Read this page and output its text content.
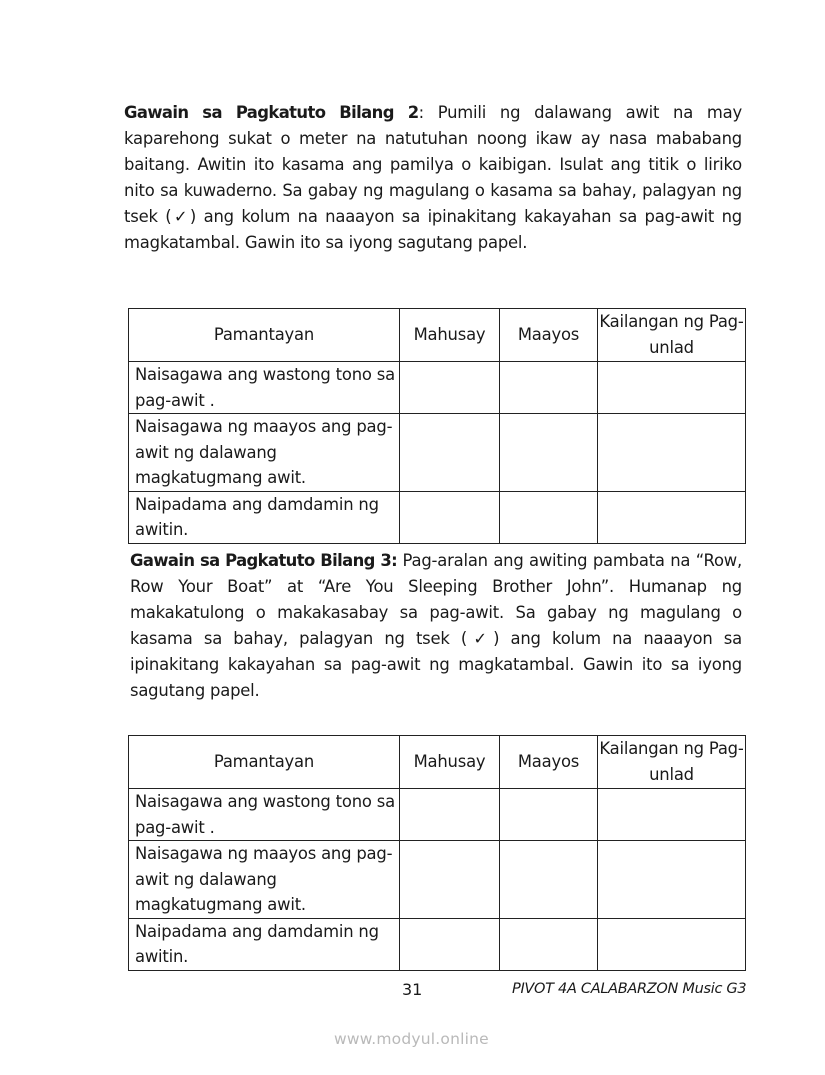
Gawain sa Pagkatuto Bilang 2: Pumili ng dalawang awit na may kaparehong sukat o meter na natutuhan noong ikaw ay nasa mababang baitang. Awitin ito kasama ang pamilya o kaibigan. Isulat ang titik o liriko nito sa kuwaderno. Sa gabay ng magulang o kasama sa bahay, palagyan ng tsek (✓) ang kolum na naaayon sa ipinakitang kakayahan sa pag-awit ng magkatambal. Gawin ito sa iyong sagutang papel.

Pamantayan	Mahusay	Maayos	Kailangan ng Pag-unlad
Naisagawa ang wastong tono sa pag-awit .			
Naisagawa ng maayos ang pag-awit ng dalawang magkatugmang awit.			
Naipadama ang damdamin ng awitin.			

Gawain sa Pagkatuto Bilang 3: Pag-aralan ang awiting pambata na “Row, Row Your Boat” at “Are You Sleeping Brother John”. Humanap ng makakatulong o makakasabay sa pag-awit. Sa gabay ng magulang o kasama sa bahay, palagyan ng tsek (✓) ang kolum na naaayon sa ipinakitang kakayahan sa pag-awit ng magkatambal. Gawin ito sa iyong sagutang papel.

Pamantayan	Mahusay	Maayos	Kailangan ng Pag-unlad
Naisagawa ang wastong tono sa pag-awit .			
Naisagawa ng maayos ang pag-awit ng dalawang magkatugmang awit.			
Naipadama ang damdamin ng awitin.			
31	PIVOT 4A CALABARZON Music G3
www.modyul.online
